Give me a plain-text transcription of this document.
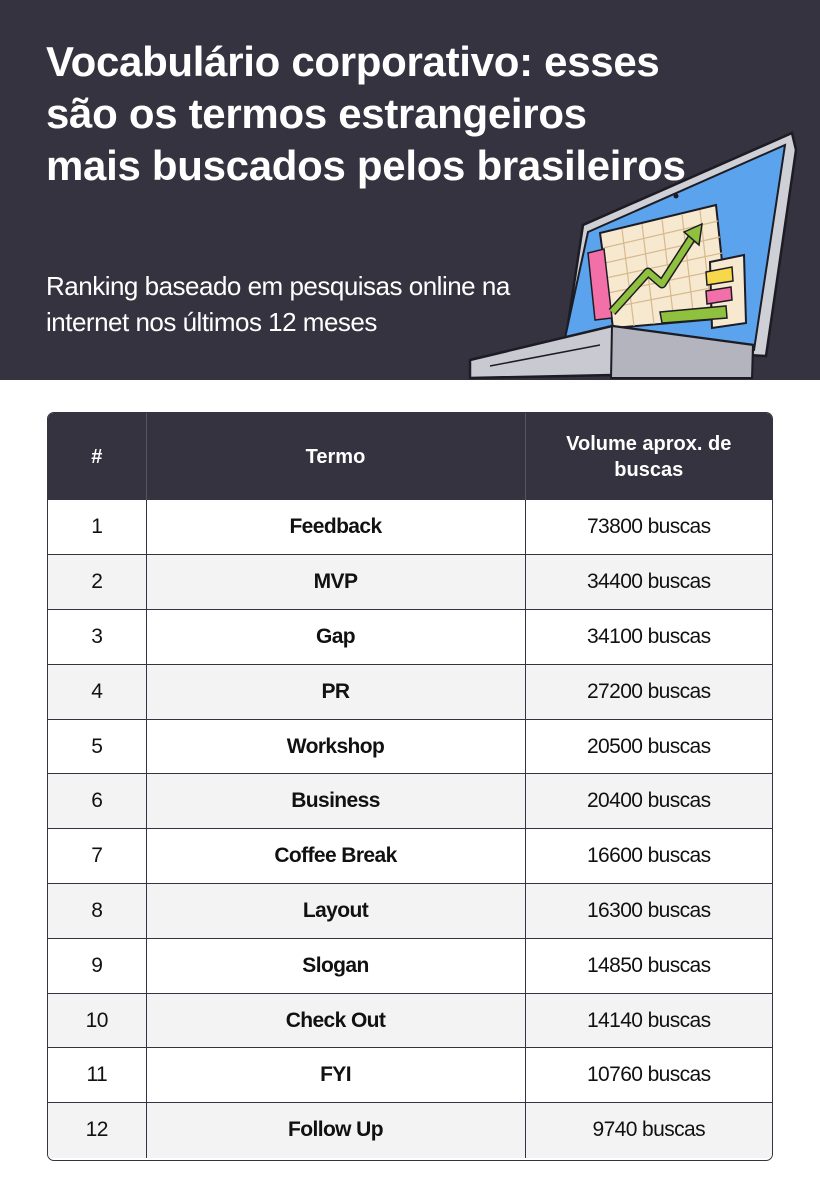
Vocabulário corporativo: esses são os termos estrangeiros mais buscados pelos brasileiros

Ranking baseado em pesquisas online na internet nos últimos 12 meses

#	Termo	Volume aprox. de buscas
1	Feedback	73800 buscas
2	MVP	34400 buscas
3	Gap	34100 buscas
4	PR	27200 buscas
5	Workshop	20500 buscas
6	Business	20400 buscas
7	Coffee Break	16600 buscas
8	Layout	16300 buscas
9	Slogan	14850 buscas
10	Check Out	14140 buscas
11	FYI	10760 buscas
12	Follow Up	9740 buscas
